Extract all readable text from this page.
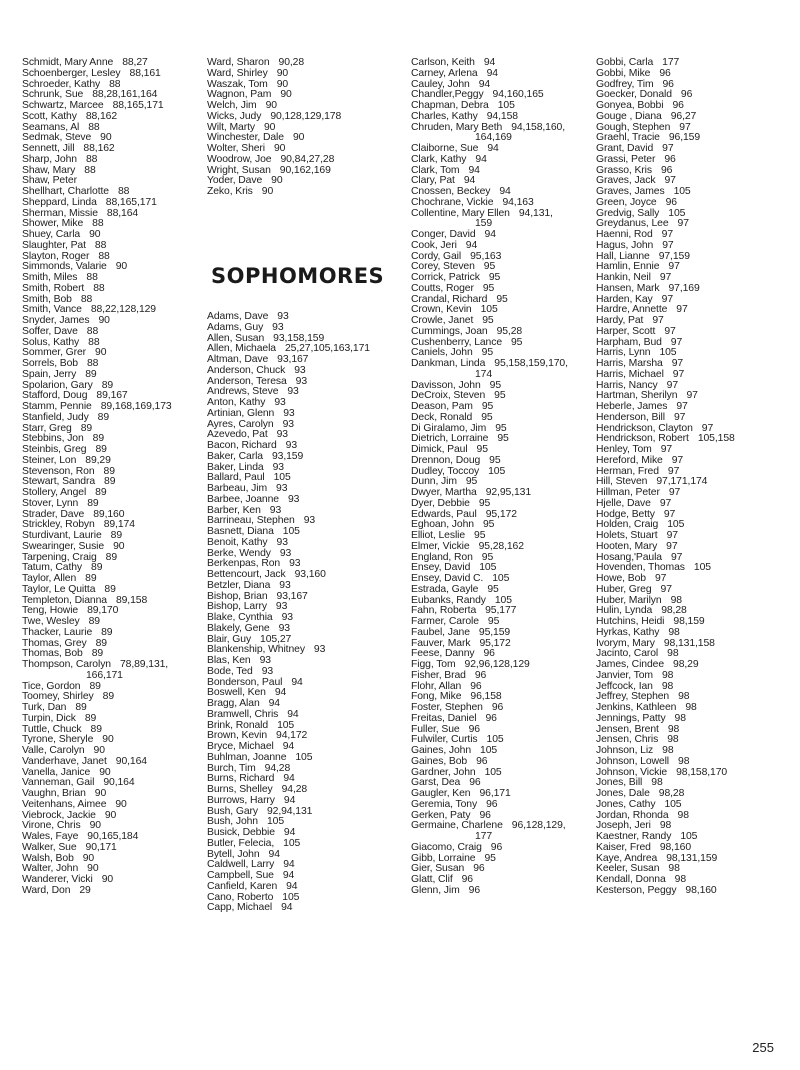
Schmidt, Mary Anne 88,27
Schoenberger, Lesley 88,161
Schroeder, Kathy 88
Schrunk, Sue 88,28,161,164
Schwartz, Marcee 88,165,171
Scott, Kathy 88,162
Seamans, Al 88
Sedmak, Steve 90
Sennett, Jill 88,162
Sharp, John 88
Shaw, Mary 88
Shaw, Peter
Shellhart, Charlotte 88
Sheppard, Linda 88,165,171
Sherman, Missie 88,164
Shower, Mike 88
Shuey, Carla 90
Slaughter, Pat 88
Slayton, Roger 88
Simmonds, Valarie 90
Smith, Miles 88
Smith, Robert 88
Smith, Bob 88
Smith, Vance 88,22,128,129
Snyder, James 90
Soffer, Dave 88
Solus, Kathy 88
Sommer, Grer 90
Sorrels, Bob 88
Spain, Jerry 89
Spolarion, Gary 89
Stafford, Doug 89,167
Stamm, Pennie 89,168,169,173
Stanfield, Judy 89
Starr, Greg 89
Stebbins, Jon 89
Steinbis, Greg 89
Steiner, Lon 89,29
Stevenson, Ron 89
Stewart, Sandra 89
Stollery, Angel 89
Stover, Lynn 89
Strader, Dave 89,160
Strickley, Robyn 89,174
Sturdivant, Laurie 89
Swearinger, Susie 90
Tarpening, Craig 89
Tatum, Cathy 89
Taylor, Allen 89
Taylor, Le Quitta 89
Templeton, Dianna 89,158
Teng, Howie 89,170
Twe, Wesley 89
Thacker, Laurie 89
Thomas, Grey 89
Thomas, Bob 89
Thompson, Carolyn 78,89,131,
166,171
Tice, Gordon 89
Toomey, Shirley 89
Turk, Dan 89
Turpin, Dick 89
Tuttle, Chuck 89
Tyrone, Sheryle 90
Valle, Carolyn 90
Vanderhave, Janet 90,164
Vanella, Janice 90
Vanneman, Gail 90,164
Vaughn, Brian 90
Veitenhans, Aimee 90
Viebrock, Jackie 90
Virone, Chris 90
Wales, Faye 90,165,184
Walker, Sue 90,171
Walsh, Bob 90
Walter, John 90
Wanderer, Vicki 90
Ward, Don 29
Ward, Sharon 90,28
Ward, Shirley 90
Waszak, Tom 90
Wagnon, Pam 90
Welch, Jim 90
Wicks, Judy 90,128,129,178
Wilt, Marty 90
Winchester, Dale 90
Wolter, Sheri 90
Woodrow, Joe 90,84,27,28
Wright, Susan 90,162,169
Yoder, Dave 90
Zeko, Kris 90
SOPHOMORES
Adams, Dave 93
Adams, Guy 93
Allen, Susan 93,158,159
Allen, Michaela 25,27,105,163,171
Altman, Dave 93,167
Anderson, Chuck 93
Anderson, Teresa 93
Andrews, Steve 93
Anton, Kathy 93
Artinian, Glenn 93
Ayres, Carolyn 93
Azevedo, Pat 93
Bacon, Richard 93
Baker, Carla 93,159
Baker, Linda 93
Ballard, Paul 105
Barbeau, Jim 93
Barbee, Joanne 93
Barber, Ken 93
Barrineau, Stephen 93
Basnett, Diana 105
Benoit, Kathy 93
Berke, Wendy 93
Berkenpas, Ron 93
Bettencourt, Jack 93,160
Betzler, Diana 93
Bishop, Brian 93,167
Bishop, Larry 93
Blake, Cynthia 93
Blakely, Gene 93
Blair, Guy 105,27
Blankenship, Whitney 93
Blas, Ken 93
Bode, Ted 93
Bonderson, Paul 94
Boswell, Ken 94
Bragg, Alan 94
Bramwell, Chris 94
Brink, Ronald 105
Brown, Kevin 94,172
Bryce, Michael 94
Buhlman, Joanne 105
Burch, Tim 94,28
Burns, Richard 94
Burns, Shelley 94,28
Burrows, Harry 94
Bush, Gary 92,94,131
Bush, John 105
Busick, Debbie 94
Butler, Felecia, 105
Bytell, John 94
Caldwell, Larry 94
Campbell, Sue 94
Canfield, Karen 94
Cano, Roberto 105
Capp, Michael 94
Carlson, Keith 94
Carney, Arlena 94
Cauley, John 94
Chandler,Peggy 94,160,165
Chapman, Debra 105
Charles, Kathy 94,158
Chruden, Mary Beth 94,158,160,
164,169
Claiborne, Sue 94
Clark, Kathy 94
Clark, Tom 94
Clary, Pat 94
Cnossen, Beckey 94
Chochrane, Vickie 94,163
Collentine, Mary Ellen 94,131,
159
Conger, David 94
Cook, Jeri 94
Cordy, Gail 95,163
Corey, Steven 95
Corrick, Patrick 95
Coutts, Roger 95
Crandal, Richard 95
Crown, Kevin 105
Crowle, Janet 95
Cummings, Joan 95,28
Cushenberry, Lance 95
Caniels, John 95
Dankman, Linda 95,158,159,170,
174
Davisson, John 95
DeCroix, Steven 95
Deason, Pam 95
Deck, Ronald 95
Di Giralamo, Jim 95
Dietrich, Lorraine 95
Dimick, Paul 95
Drennon, Doug 95
Dudley, Toccoy 105
Dunn, Jim 95
Dwyer, Martha 92,95,131
Dyer, Debbie 95
Edwards, Paul 95,172
Eghoan, John 95
Elliot, Leslie 95
Elmer, Vickie 95,28,162
England, Ron 95
Ensey, David 105
Ensey, David C. 105
Estrada, Gayle 95
Eubanks, Randy 105
Fahn, Roberta 95,177
Farmer, Carole 95
Faubel, Jane 95,159
Fauver, Mark 95,172
Feese, Danny 96
Figg, Tom 92,96,128,129
Fisher, Brad 96
Flohr, Allan 96
Fong, Mike 96,158
Foster, Stephen 96
Freitas, Daniel 96
Fuller, Sue 96
Fulwiler, Curtis 105
Gaines, John 105
Gaines, Bob 96
Gardner, John 105
Garst, Dea 96
Gaugler, Ken 96,171
Geremia, Tony 96
Gerken, Paty 96
Germaine, Charlene 96,128,129,
177
Giacomo, Craig 96
Gibb, Lorraine 95
Gier, Susan 96
Glatt, Clif 96
Glenn, Jim 96
Gobbi, Carla 177
Gobbi, Mike 96
Godfrey, Tim 96
Goecker, Donald 96
Gonyea, Bobbi 96
Gouge , Diana 96,27
Gough, Stephen 97
Graehl, Tracie 96,159
Grant, David 97
Grassi, Peter 96
Grasso, Kris 96
Graves, Jack 97
Graves, James 105
Green, Joyce 96
Gredvig, Sally 105
Greydanus, Lee 97
Haenni, Rod 97
Hagus, John 97
Hall, Lianne 97,159
Hamlin, Ennie 97
Hankin, Neil 97
Hansen, Mark 97,169
Harden, Kay 97
Hardre, Annette 97
Hardy, Pat 97
Harper, Scott 97
Harpham, Bud 97
Harris, Lynn 105
Harris, Marsha 97
Harris, Michael 97
Harris, Nancy 97
Hartman, Sherilyn 97
Heberle, James 97
Henderson, Bill 97
Hendrickson, Clayton 97
Hendrickson, Robert 105,158
Henley, Tom 97
Hereford, Mike 97
Herman, Fred 97
Hill, Steven 97,171,174
Hillman, Peter 97
Hjelle, Dave 97
Hodge, Betty 97
Holden, Craig 105
Holets, Stuart 97
Hooten, Mary 97
Hosang,'Paula 97
Hovenden, Thomas 105
Howe, Bob 97
Huber, Greg 97
Huber, Marilyn 98
Hulin, Lynda 98,28
Hutchins, Heidi 98,159
Hyrkas, Kathy 98
Ivorym, Mary 98,131,158
Jacinto, Carol 98
James, Cindee 98,29
Janvier, Tom 98
Jeffcock, Ian 98
Jeffrey, Stephen 98
Jenkins, Kathleen 98
Jennings, Patty 98
Jensen, Brent 98
Jensen, Chris 98
Johnson, Liz 98
Johnson, Lowell 98
Johnson, Vickie 98,158,170
Jones, Bill 98
Jones, Dale 98,28
Jones, Cathy 105
Jordan, Rhonda 98
Joseph, Jeri 98
Kaestner, Randy 105
Kaiser, Fred 98,160
Kaye, Andrea 98,131,159
Keeler, Susan 98
Kendall, Donna 98
Kesterson, Peggy 98,160
255
